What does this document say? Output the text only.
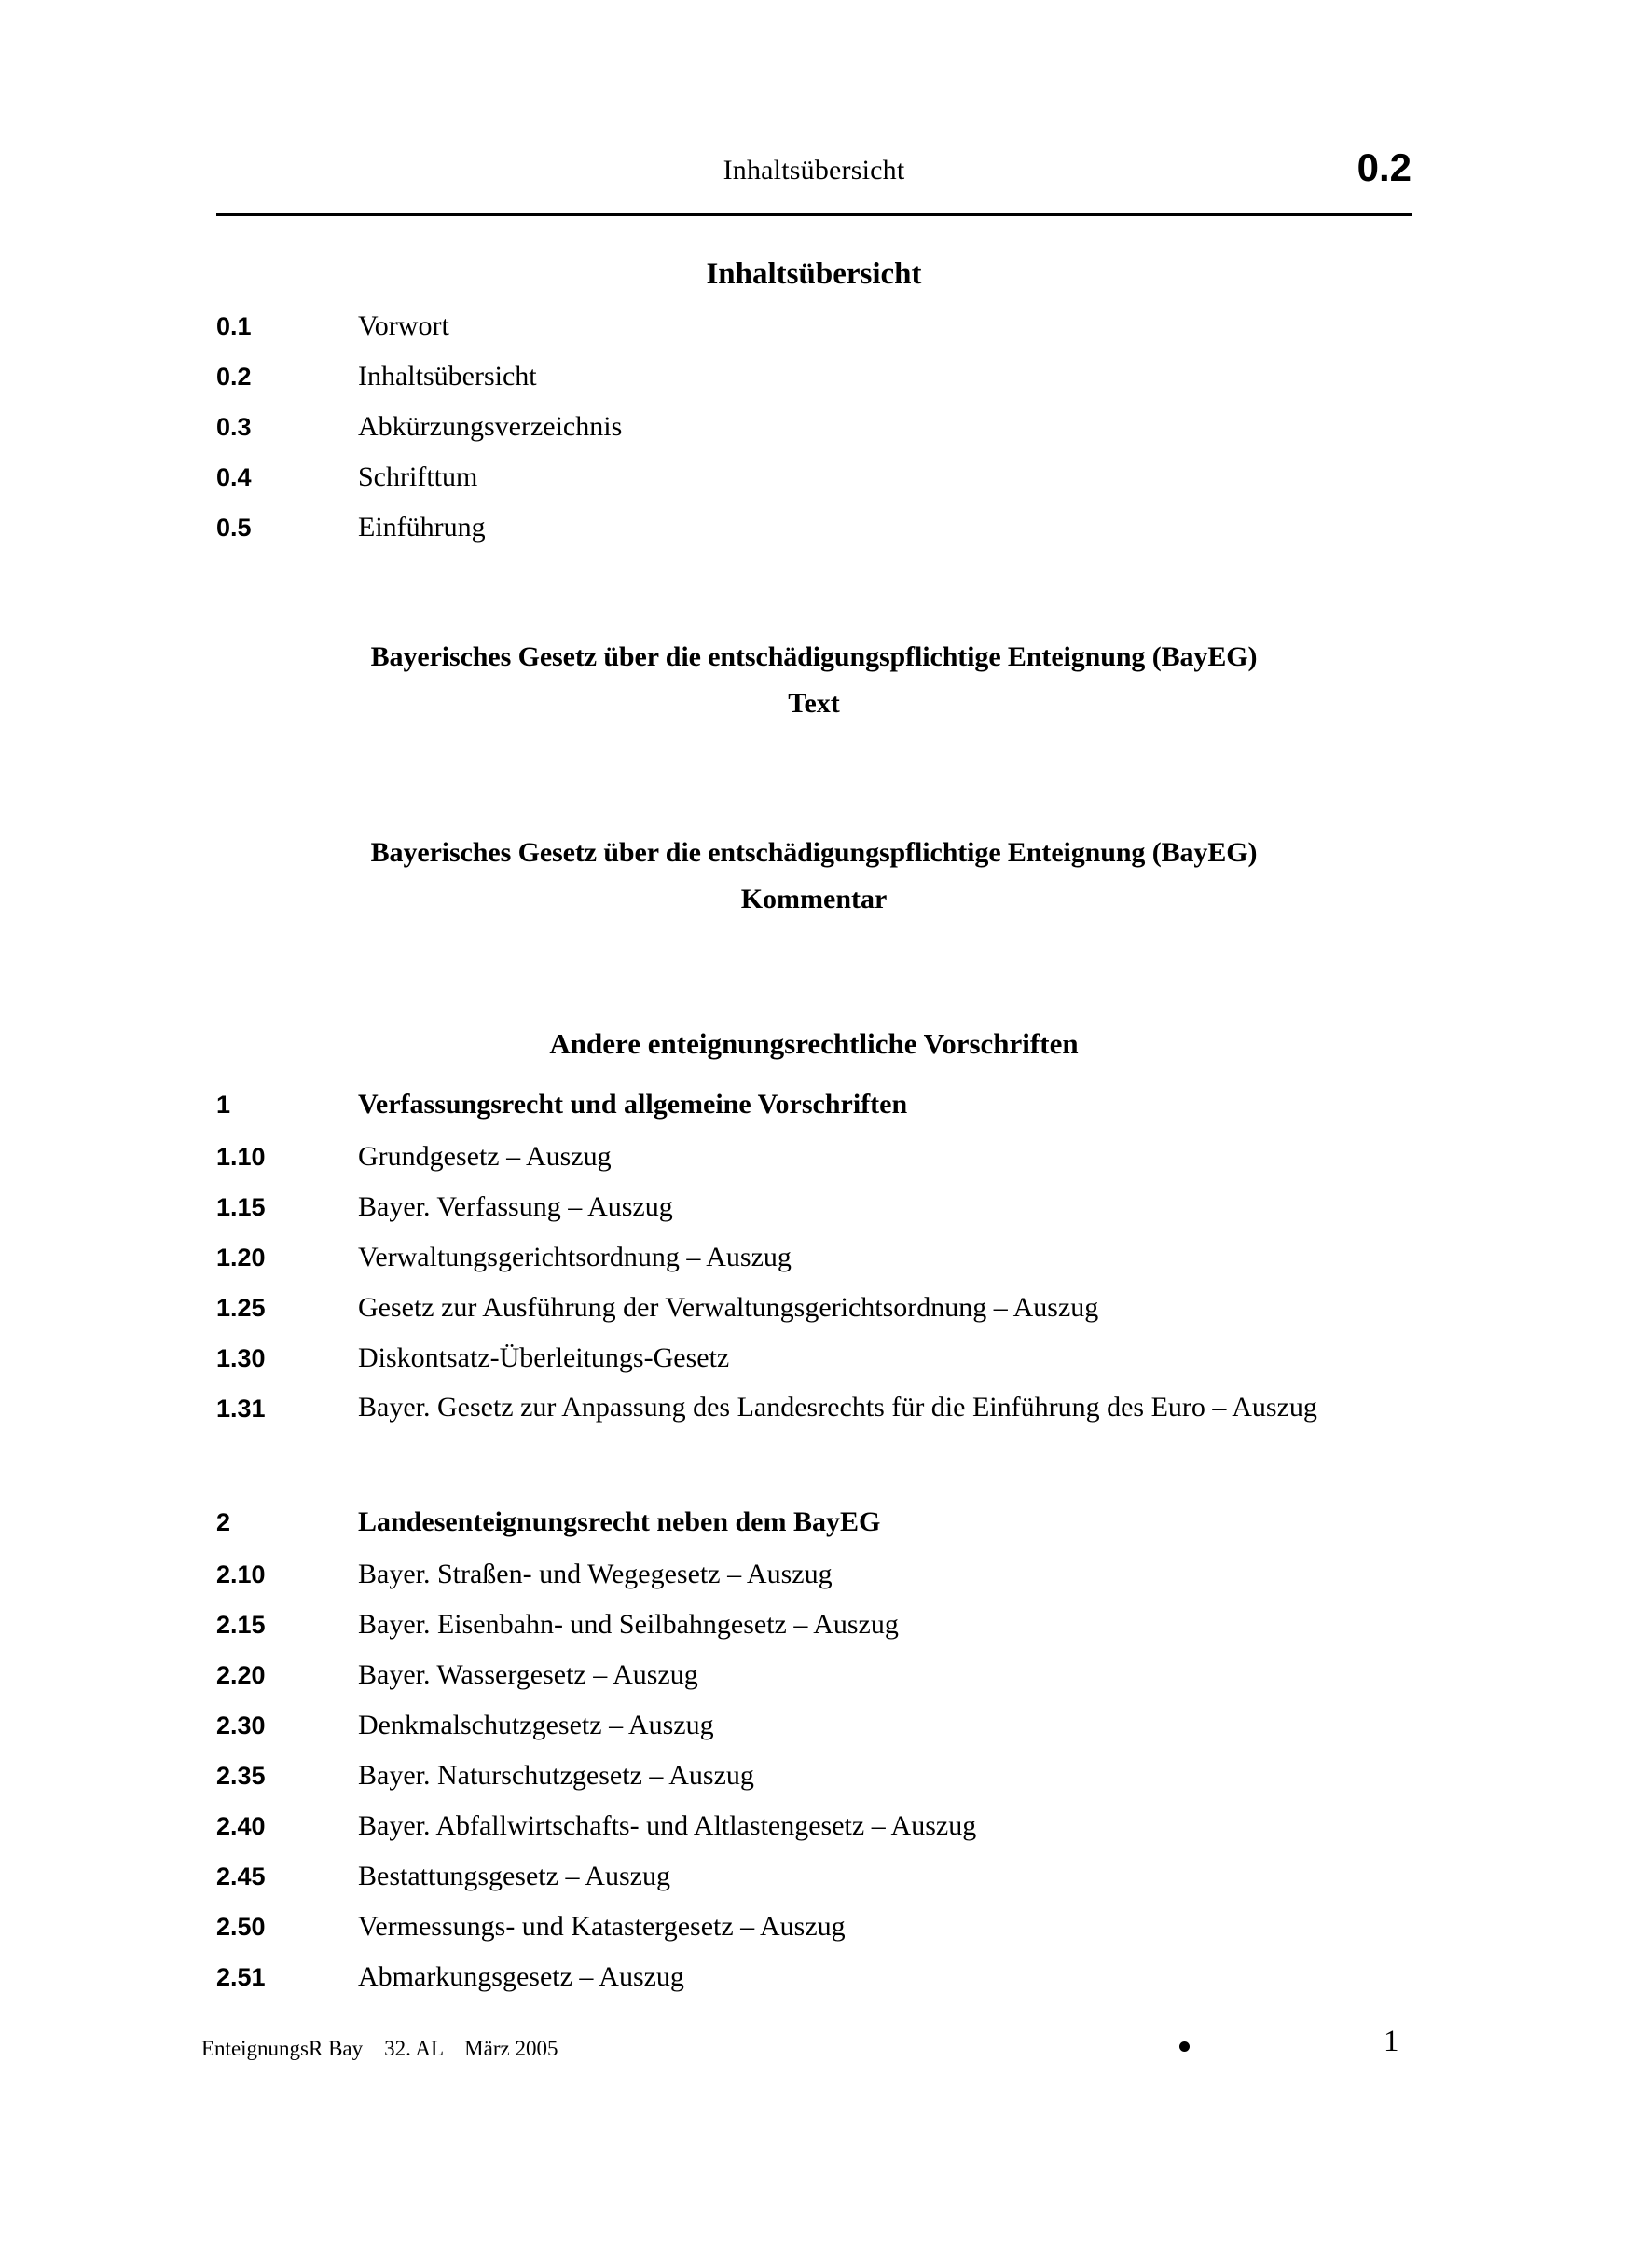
Inhaltsübersicht	0.2
Inhaltsübersicht
0.1	Vorwort
0.2	Inhaltsübersicht
0.3	Abkürzungsverzeichnis
0.4	Schrifttum
0.5	Einführung
Bayerisches Gesetz über die entschädigungspflichtige Enteignung (BayEG)
Text
Bayerisches Gesetz über die entschädigungspflichtige Enteignung (BayEG)
Kommentar
Andere enteignungsrechtliche Vorschriften
1	Verfassungsrecht und allgemeine Vorschriften
1.10	Grundgesetz – Auszug
1.15	Bayer. Verfassung – Auszug
1.20	Verwaltungsgerichtsordnung – Auszug
1.25	Gesetz zur Ausführung der Verwaltungsgerichtsordnung – Auszug
1.30	Diskontsatz-Überleitungs-Gesetz
1.31	Bayer. Gesetz zur Anpassung des Landesrechts für die Einführung des Euro – Auszug
2	Landesenteignungsrecht neben dem BayEG
2.10	Bayer. Straßen- und Wegegesetz – Auszug
2.15	Bayer. Eisenbahn- und Seilbahngesetz – Auszug
2.20	Bayer. Wassergesetz – Auszug
2.30	Denkmalschutzgesetz – Auszug
2.35	Bayer. Naturschutzgesetz – Auszug
2.40	Bayer. Abfallwirtschafts- und Altlastengesetz – Auszug
2.45	Bestattungsgesetz – Auszug
2.50	Vermessungs- und Katastergesetz – Auszug
2.51	Abmarkungsgesetz – Auszug
EnteignungsR Bay    32. AL    März 2005	1
